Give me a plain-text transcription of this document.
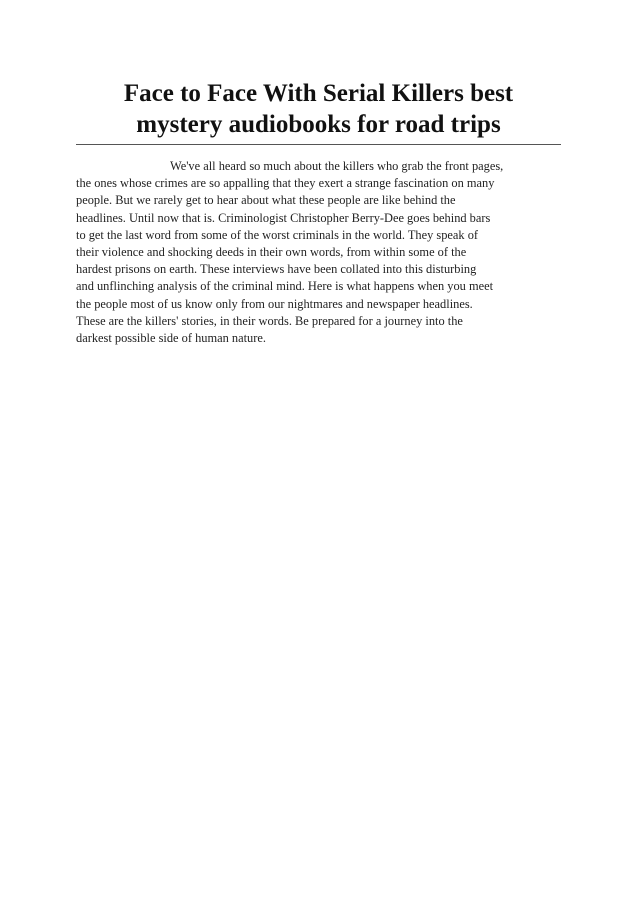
Face to Face With Serial Killers best
mystery audiobooks for road trips
We've all heard so much about the killers who grab the front pages,
the ones whose crimes are so appalling that they exert a strange fascination on many
people. But we rarely get to hear about what these people are like behind the
headlines. Until now that is. Criminologist Christopher Berry-Dee goes behind bars
to get the last word from some of the worst criminals in the world. They speak of
their violence and shocking deeds in their own words, from within some of the
hardest prisons on earth. These interviews have been collated into this disturbing
and unflinching analysis of the criminal mind. Here is what happens when you meet
the people most of us know only from our nightmares and newspaper headlines.
These are the killers' stories, in their words. Be prepared for a journey into the
darkest possible side of human nature.
